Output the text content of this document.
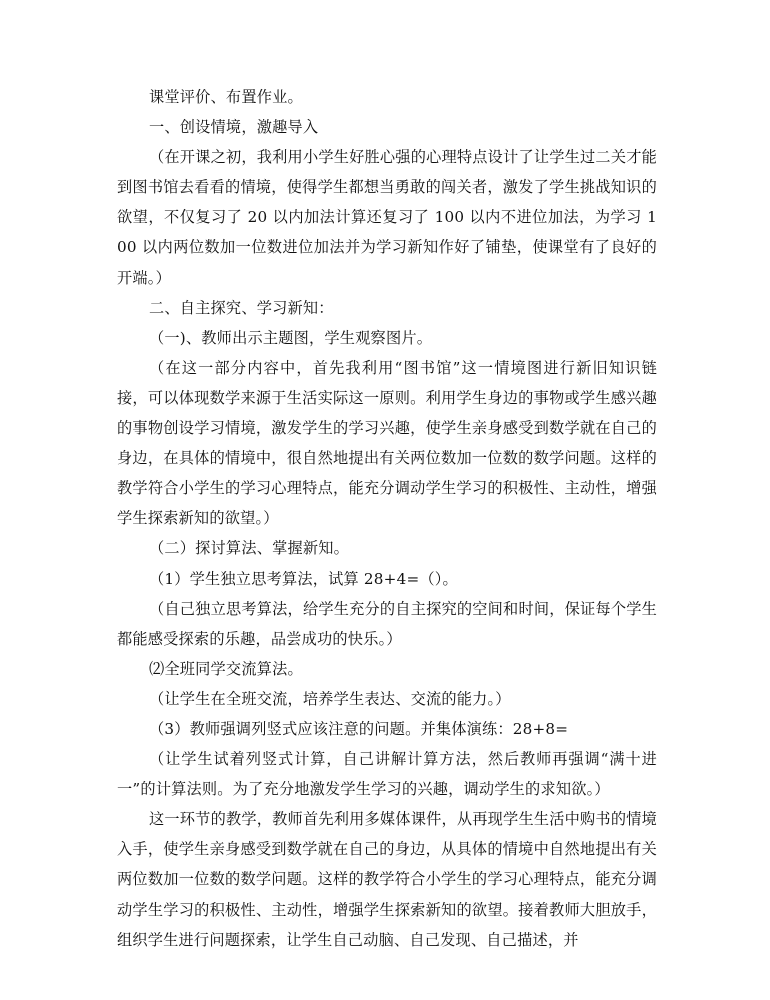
课堂评价、布置作业。

一、创设情境，激趣导入

（在开课之初，我利用小学生好胜心强的心理特点设计了让学生过二关才能到图书馆去看看的情境，使得学生都想当勇敢的闯关者，激发了学生挑战知识的欲望，不仅复习了 20 以内加法计算还复习了 100 以内不进位加法，为学习 100 以内两位数加一位数进位加法并为学习新知作好了铺垫，使课堂有了良好的开端。）

二、自主探究、学习新知：

（一)、教师出示主题图，学生观察图片。

（在这一部分内容中，首先我利用“图书馆”这一情境图进行新旧知识链接，可以体现数学来源于生活实际这一原则。利用学生身边的事物或学生感兴趣的事物创设学习情境，激发学生的学习兴趣，使学生亲身感受到数学就在自己的身边，在具体的情境中，很自然地提出有关两位数加一位数的数学问题。这样的教学符合小学生的学习心理特点，能充分调动学生学习的积极性、主动性，增强学生探索新知的欲望。）

（二）探讨算法、掌握新知。

（1）学生独立思考算法，试算 28+4=（）。

（自己独立思考算法，给学生充分的自主探究的空间和时间，保证每个学生都能感受探索的乐趣，品尝成功的快乐。）

⑵全班同学交流算法。

（让学生在全班交流，培养学生表达、交流的能力。）

（3）教师强调列竖式应该注意的问题。并集体演练：28+8=

（让学生试着列竖式计算，自己讲解计算方法，然后教师再强调“满十进一”的计算法则。为了充分地激发学生学习的兴趣，调动学生的求知欲。）

这一环节的教学，教师首先利用多媒体课件，从再现学生生活中购书的情境入手，使学生亲身感受到数学就在自己的身边，从具体的情境中自然地提出有关两位数加一位数的数学问题。这样的教学符合小学生的学习心理特点，能充分调动学生学习的积极性、主动性，增强学生探索新知的欲望。接着教师大胆放手，组织学生进行问题探索，让学生自己动脑、自己发现、自己描述，并
